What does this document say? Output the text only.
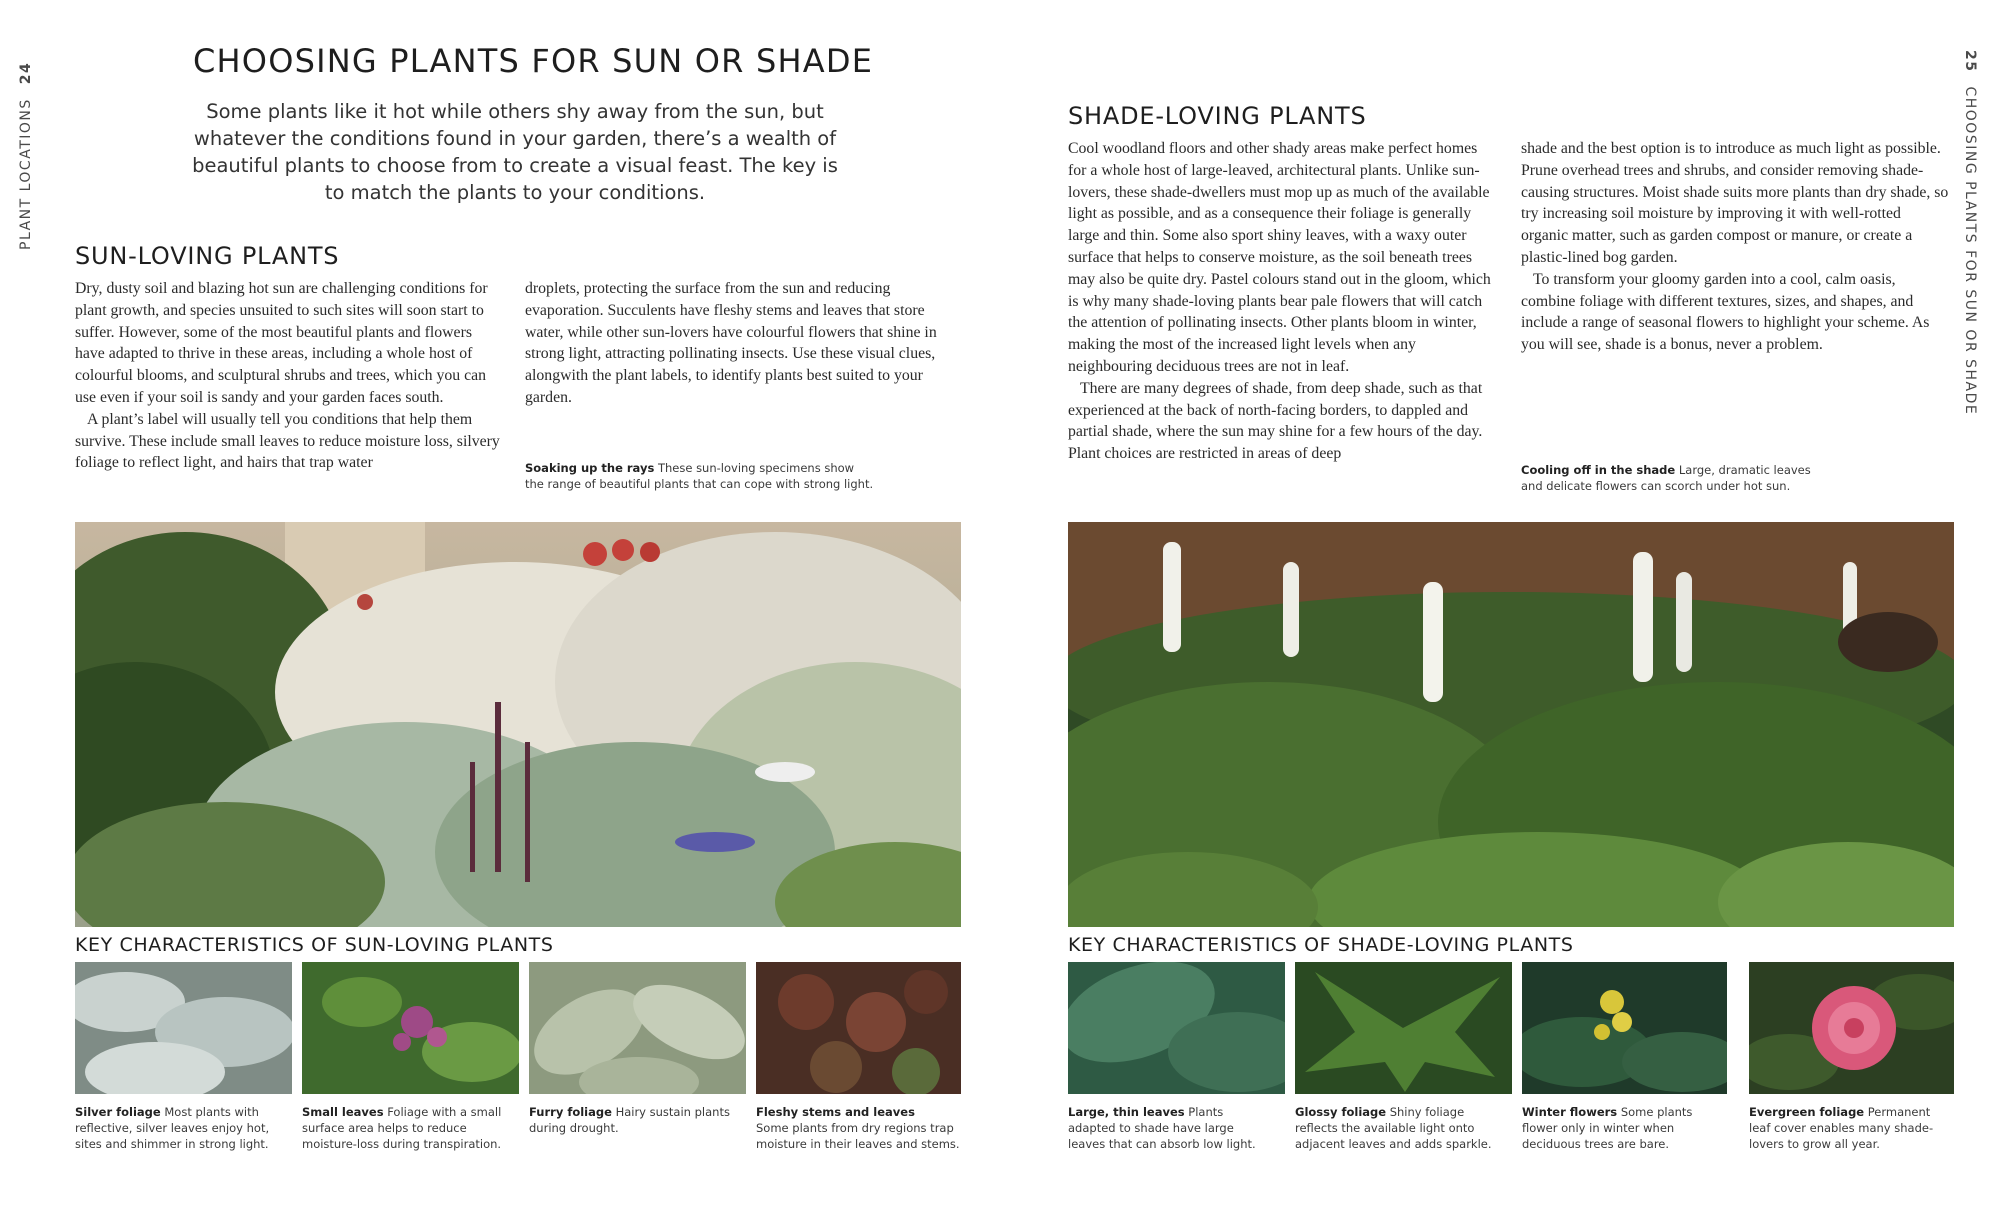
PLANT LOCATIONS24	CHOOSING PLANTS FOR SUN OR SHADE
Some plants like it hot while others shy away from the sun, but whatever the conditions found in your garden, there’s a wealth of beautiful plants to choose from to create a visual feast. The key is to match the plants to your conditions.
SUN-LOVING PLANTS

Dry, dusty soil and blazing hot sun are challenging conditions for plant growth, and species unsuited to such sites will soon start to suffer. However, some of the most beautiful plants and flowers have adapted to thrive in these areas, including a whole host of colourful blooms, and sculptural shrubs and trees, which you can use even if your soil is sandy and your garden faces south.

A plant’s label will usually tell you conditions that help them survive. These include small leaves to reduce moisture loss, silvery foliage to reflect light, and hairs that trap water

droplets, protecting the surface from the sun and reducing evaporation. Succulents have fleshy stems and leaves that store water, while other sun-lovers have colourful flowers that shine in strong light, attracting pollinating insects. Use these visual clues, alongwith the plant labels, to identify plants best suited to your garden.

Soaking up the rays These sun-loving specimens show the range of beautiful plants that can cope with strong light.
KEY CHARACTERISTICS OF SUN-LOVING PLANTS
Silver foliage Most plants with reflective, silver leaves enjoy hot, sites and shimmer in strong light.
Small leaves Foliage with a small surface area helps to reduce moisture-loss during transpiration.
Furry foliage Hairy sustain plants during drought.
Fleshy stems and leaves
Some plants from dry regions trap moisture in their leaves and stems.
25CHOOSING PLANTS FOR SUN OR SHADE
SHADE-LOVING PLANTS

Cool woodland floors and other shady areas make perfect homes for a whole host of large-leaved, architectural plants. Unlike sun-lovers, these shade-dwellers must mop up as much of the available light as possible, and as a consequence their foliage is generally large and thin. Some also sport shiny leaves, with a waxy outer surface that helps to conserve moisture, as the soil beneath trees may also be quite dry. Pastel colours stand out in the gloom, which is why many shade-loving plants bear pale flowers that will catch the attention of pollinating insects. Other plants bloom in winter, making the most of the increased light levels when any neighbouring deciduous trees are not in leaf.

There are many degrees of shade, from deep shade, such as that experienced at the back of north-facing borders, to dappled and partial shade, where the sun may shine for a few hours of the day. Plant choices are restricted in areas of deep

shade and the best option is to introduce as much light as possible. Prune overhead trees and shrubs, and consider removing shade-causing structures. Moist shade suits more plants than dry shade, so try increasing soil moisture by improving it with well-rotted organic matter, such as garden compost or manure, or create a plastic-lined bog garden.

To transform your gloomy garden into a cool, calm oasis, combine foliage with different textures, sizes, and shapes, and include a range of seasonal flowers to highlight your scheme. As you will see, shade is a bonus, never a problem.

Cooling off in the shade Large, dramatic leaves and delicate flowers can scorch under hot sun.
KEY CHARACTERISTICS OF SHADE-LOVING PLANTS
Large, thin leaves Plants adapted to shade have large leaves that can absorb low light.
Glossy foliage Shiny foliage reflects the available light onto adjacent leaves and adds sparkle.
Winter flowers Some plants flower only in winter when deciduous trees are bare.
Evergreen foliage Permanent leaf cover enables many shade-lovers to grow all year.
